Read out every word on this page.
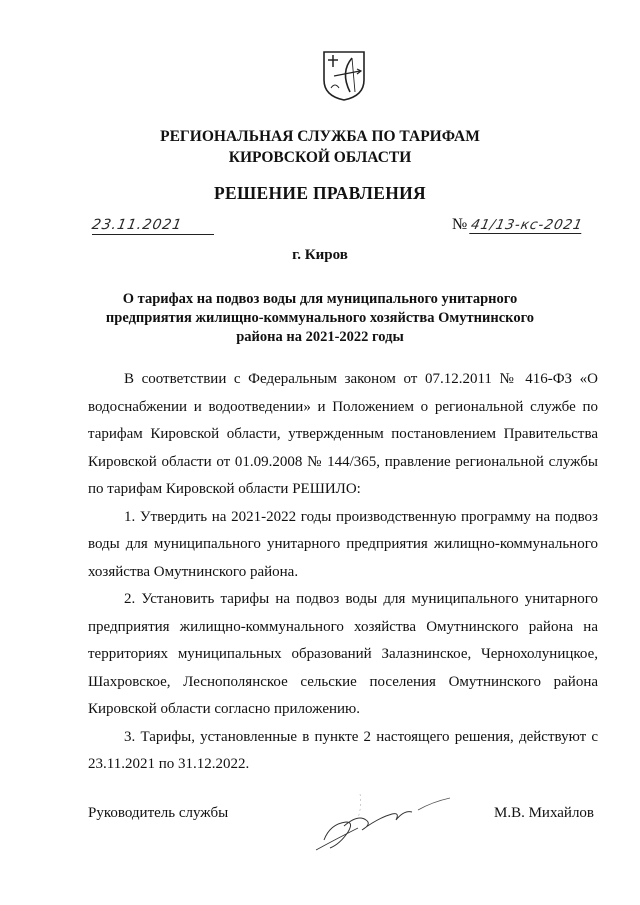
РЕГИОНАЛЬНАЯ СЛУЖБА ПО ТАРИФАМ
КИРОВСКОЙ ОБЛАСТИ
РЕШЕНИЕ ПРАВЛЕНИЯ
23.11.2021	№ 41/13-кс-2021
г. Киров
О тарифах на подвоз воды для муниципального унитарного
предприятия жилищно-коммунального хозяйства Омутнинского
района на 2021-2022 годы

В соответствии с Федеральным законом от 07.12.2011 № 416-ФЗ «О водоснабжении и водоотведении» и Положением о региональной службе по тарифам Кировской области, утвержденным постановлением Правительства Кировской области от 01.09.2008 № 144/365, правление региональной службы по тарифам Кировской области РЕШИЛО:

1. Утвердить на 2021-2022 годы производственную программу на подвоз воды для муниципального унитарного предприятия жилищно-коммунального хозяйства Омутнинского района.

2. Установить тарифы на подвоз воды для муниципального унитарного предприятия жилищно-коммунального хозяйства Омутнинского района на территориях муниципальных образований Залазнинское, Чернохолуницкое, Шахровское, Леснополянское сельские поселения Омутнинского района Кировской области согласно приложению.

3. Тарифы, установленные в пункте 2 настоящего решения, действуют с 23.11.2021 по 31.12.2022.

Руководитель службы	М.В. Михайлов
